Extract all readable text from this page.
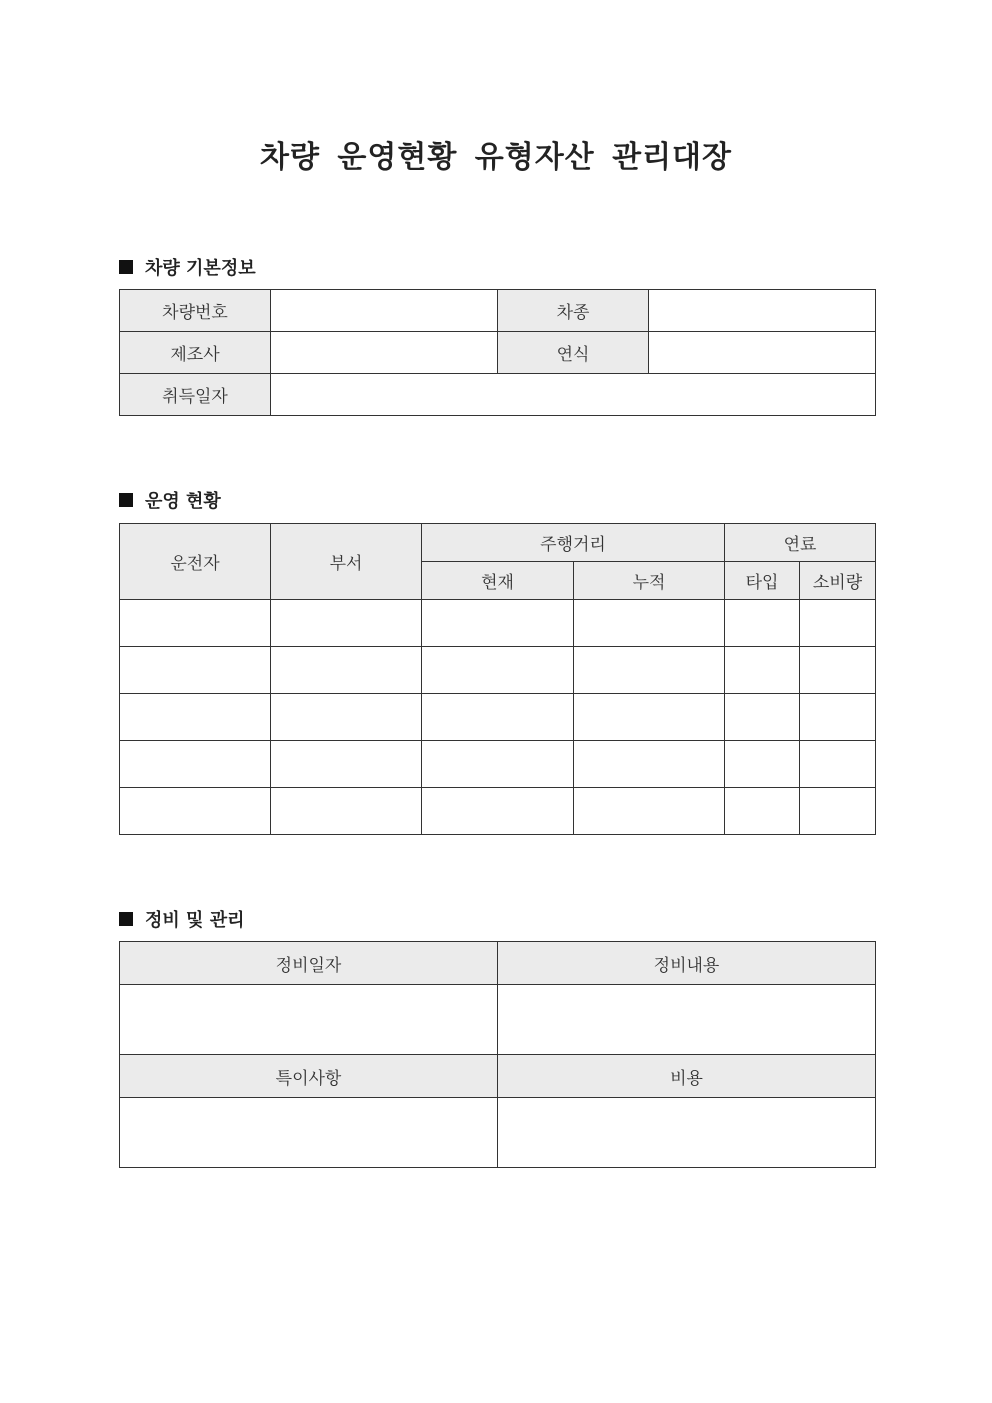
차량 운영현황 유형자산 관리대장
차량 기본정보
차량번호		차종	
제조사		연식	
취득일자			
운영 현황
운전자	부서	주행거리		연료	
		현재	누적	타입	소비량

정비 및 관리
정비일자	정비내용

특이사항	비용
